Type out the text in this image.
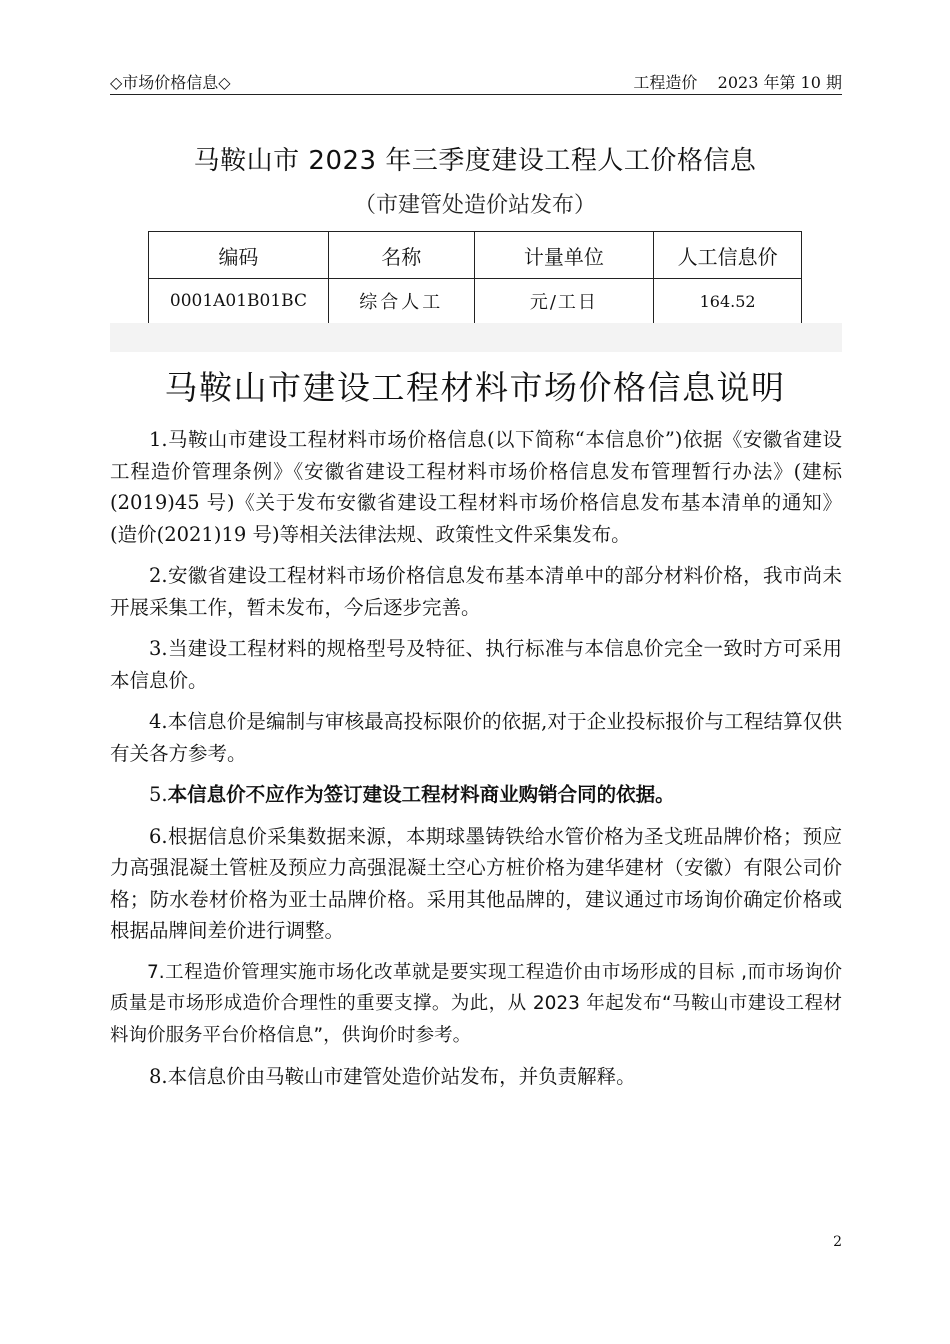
◇市场价格信息◇	工程造价    2023 年第 10 期
马鞍山市 2023 年三季度建设工程人工价格信息
（市建管处造价站发布）
编码	名称	计量单位	人工信息价
0001A01B01BC	综合人工	元/工日	164.52
马鞍山市建设工程材料市场价格信息说明

1.马鞍山市建设工程材料市场价格信息(以下简称“本信息价”)依据《安徽省建设工程造价管理条例》《安徽省建设工程材料市场价格信息发布管理暂行办法》(建标(2019)45 号)《关于发布安徽省建设工程材料市场价格信息发布基本清单的通知》(造价(2021)19 号)等相关法律法规、政策性文件采集发布。

2.安徽省建设工程材料市场价格信息发布基本清单中的部分材料价格，我市尚未开展采集工作，暂未发布，今后逐步完善。

3.当建设工程材料的规格型号及特征、执行标准与本信息价完全一致时方可采用本信息价。

4.本信息价是编制与审核最高投标限价的依据,对于企业投标报价与工程结算仅供有关各方参考。

5.本信息价不应作为签订建设工程材料商业购销合同的依据。

6.根据信息价采集数据来源，本期球墨铸铁给水管价格为圣戈班品牌价格；预应力高强混凝土管桩及预应力高强混凝土空心方桩价格为建华建材（安徽）有限公司价格；防水卷材价格为亚士品牌价格。采用其他品牌的，建议通过市场询价确定价格或根据品牌间差价进行调整。

7.工程造价管理实施市场化改革就是要实现工程造价由市场形成的目标 ,而市场询价质量是市场形成造价合理性的重要支撑。为此，从 2023 年起发布“马鞍山市建设工程材料询价服务平台价格信息”，供询价时参考。

8.本信息价由马鞍山市建管处造价站发布，并负责解释。

2
